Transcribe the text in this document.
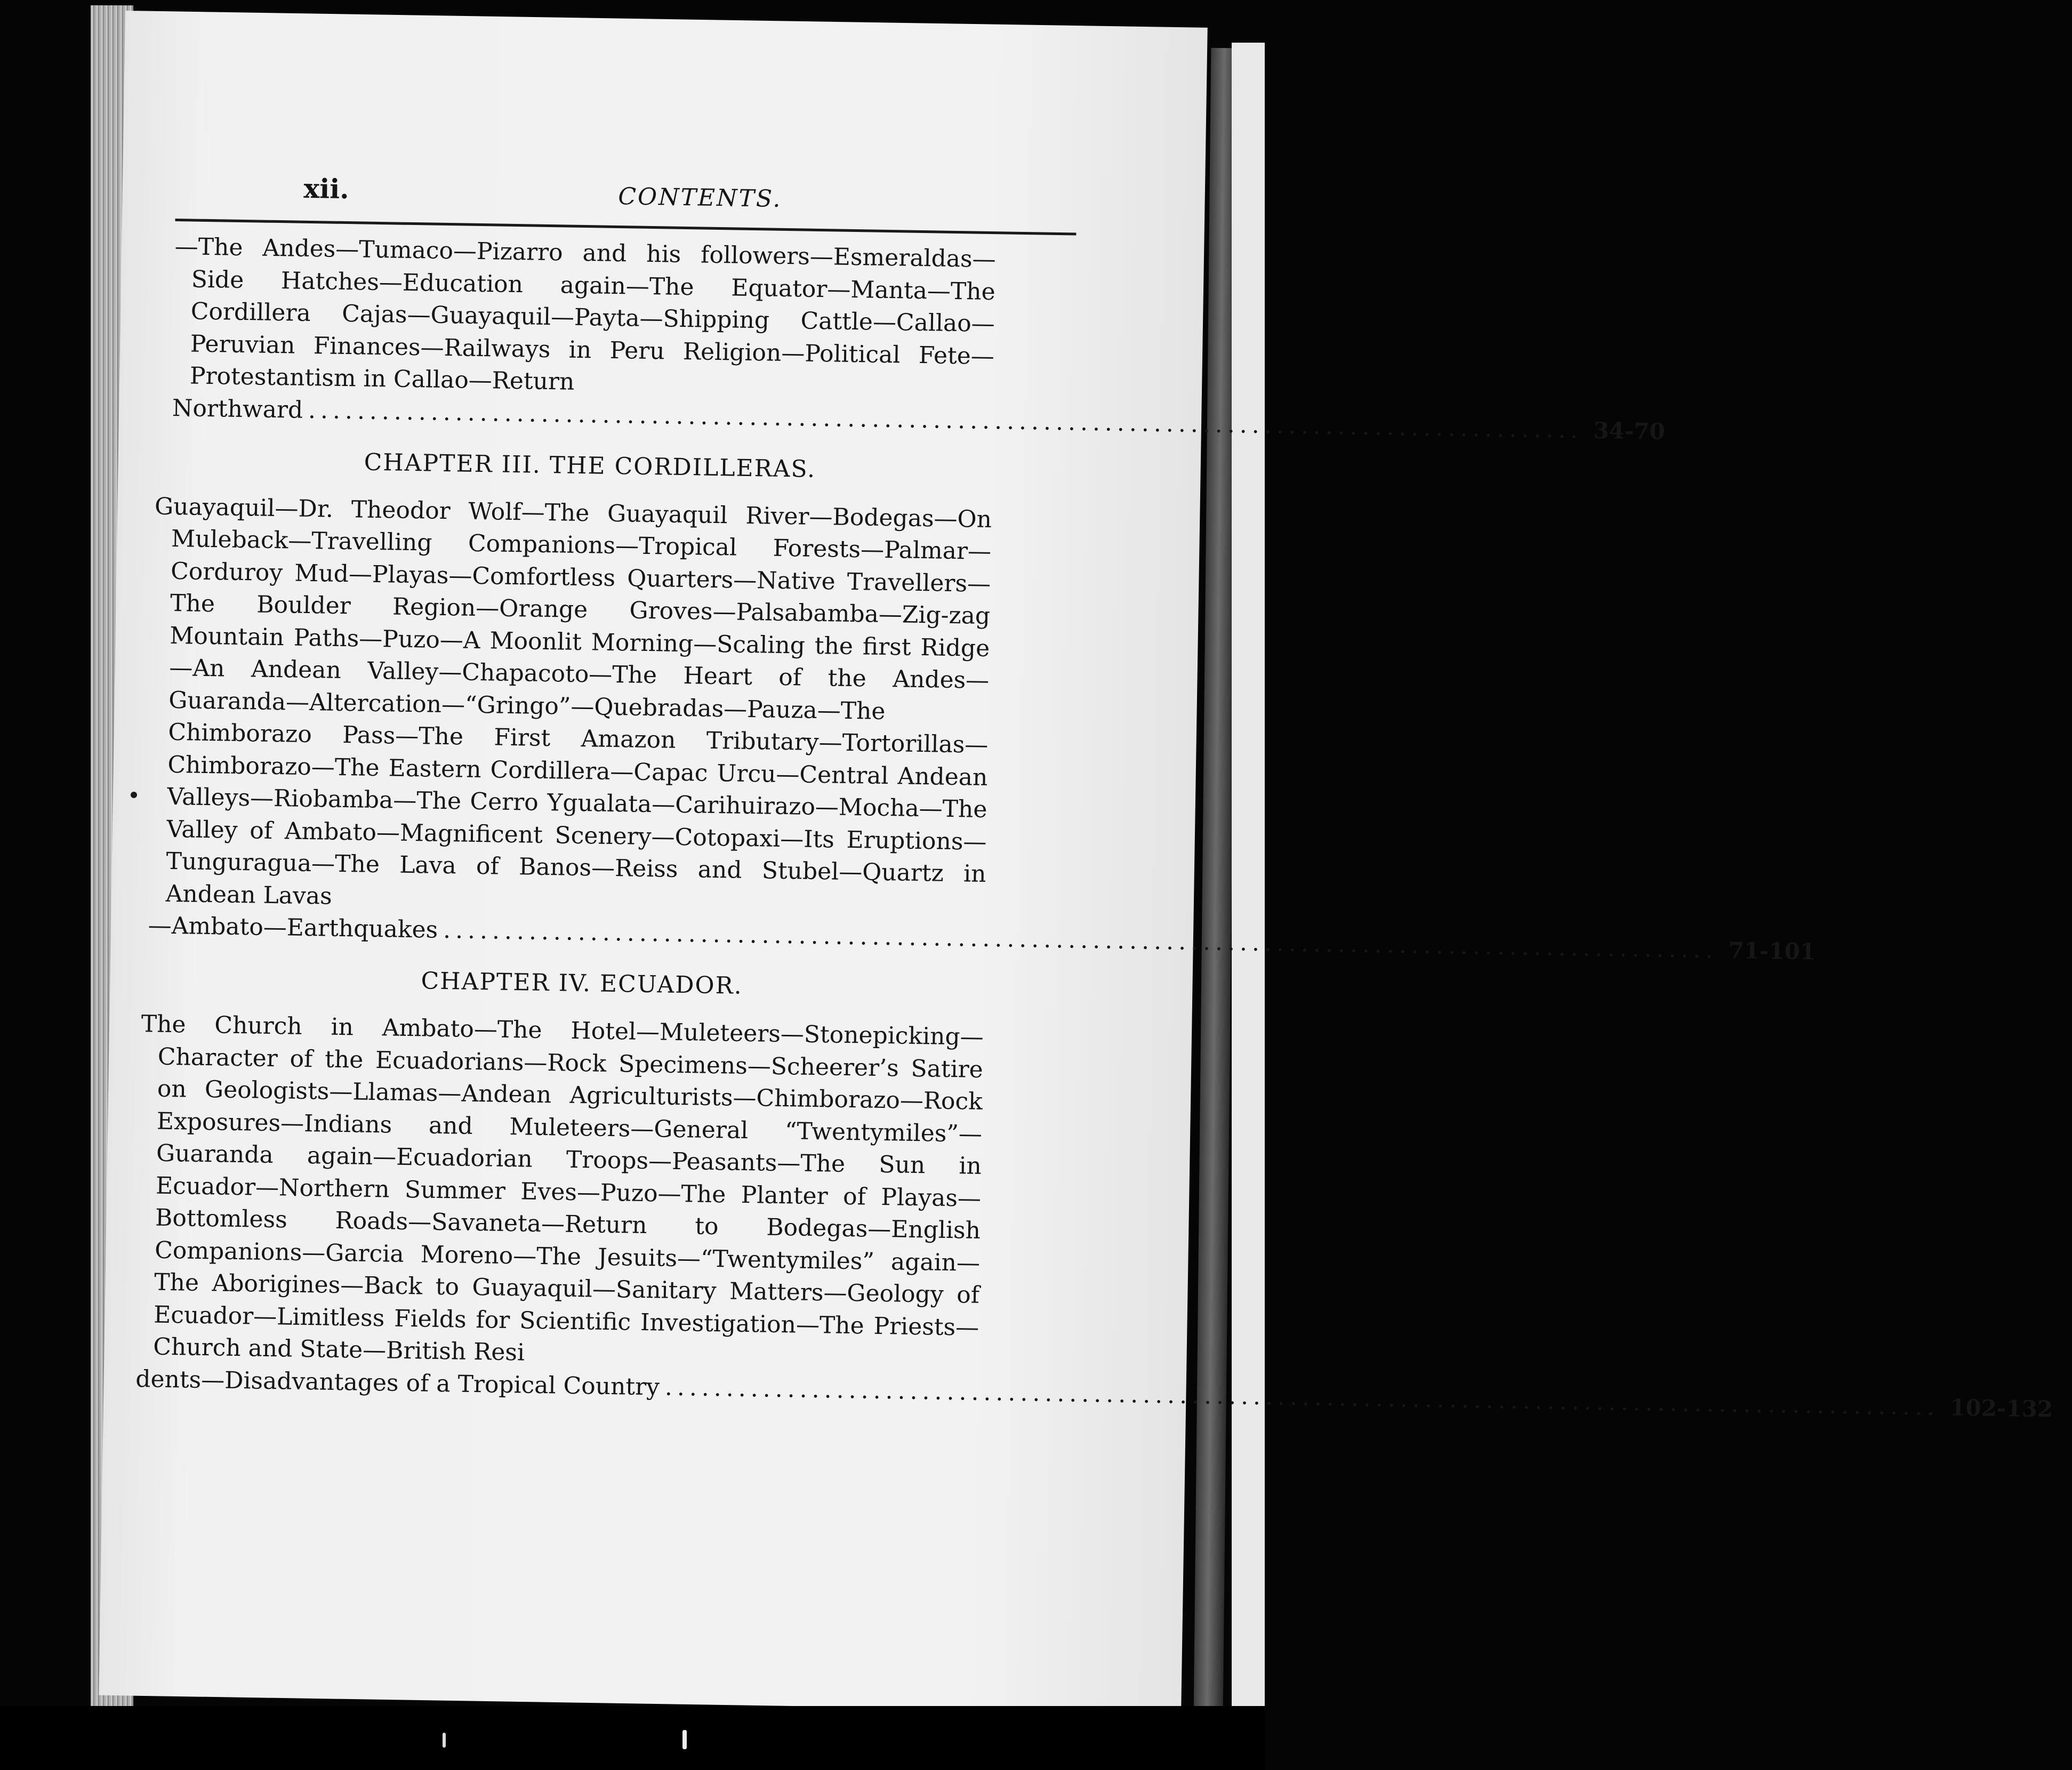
xii.	CONTENTS.
—The Andes—Tumaco—Pizarro and his followers—Esmeraldas—Side Hatches—Education again—The Equator—Manta—The Cordillera Cajas—Guayaquil—Payta—Shipping Cattle—Callao—Peruvian Finances—Railways in Peru Religion—Political Fete—Protestantism in Callao—Return
Northward ........................................................................................................ 34-70
CHAPTER III. THE CORDILLERAS.
Guayaquil—Dr. Theodor Wolf—The Guayaquil River—Bodegas—On Muleback—Travelling Companions—Tropical Forests—Palmar—Corduroy Mud—Playas—Comfortless Quarters—Native Travellers—The Boulder Region—Orange Groves—Palsabamba—Zig-zag Mountain Paths—Puzo—A Moonlit Morning—Scaling the first Ridge—An Andean Valley—Chapacoto—The Heart of the Andes—Guaranda—Altercation—“Gringo”—Quebradas—Pauza—The Chimborazo Pass—The First Amazon Tributary—Tortorillas—Chimborazo—The Eastern Cordillera—Capac Urcu—Central Andean Valleys—Riobamba—The Cerro Ygualata—Carihuirazo—Mocha—The Valley of Ambato—Magnificent Scenery—Cotopaxi—Its Eruptions—Tunguragua—The Lava of Banos—Reiss and Stubel—Quartz in Andean Lavas
—Ambato—Earthquakes ........................................................................................................ 71-101
CHAPTER IV. ECUADOR.
The Church in Ambato—The Hotel—Muleteers—Stonepicking—Character of the Ecuadorians—Rock Specimens—Scheerer’s Satire on Geologists—Llamas—Andean Agriculturists—Chimborazo—Rock Exposures—Indians and Muleteers—General “Twentymiles”—Guaranda again—Ecuadorian Troops—Peasants—The Sun in Ecuador—Northern Summer Eves—Puzo—The Planter of Playas—Bottomless Roads—Savaneta—Return to Bodegas—English Companions—Garcia Moreno—The Jesuits—“Twentymiles” again—The Aborigines—Back to Guayaquil—Sanitary Matters—Geology of Ecuador—Limitless Fields for Scientific Investigation—The Priests—Church and State—British Resi
dents—Disadvantages of a Tropical Country ........................................................................................................ 102-132
